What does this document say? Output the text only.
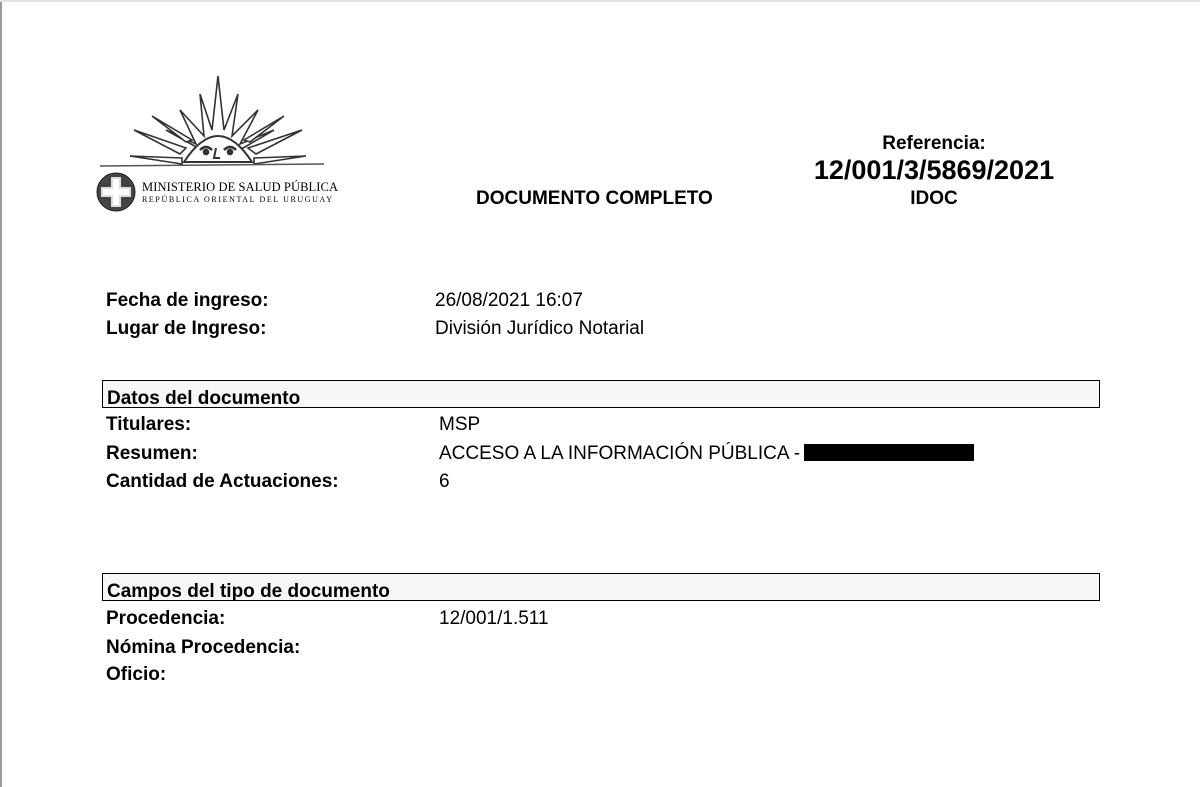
MINISTERIO DE SALUD PÚBLICA
REPÚBLICA ORIENTAL DEL URUGUAY	DOCUMENTO COMPLETO
Referencia:
12/001/3/5869/2021
IDOC
Fecha de ingreso:	26/08/2021 16:07
Lugar de Ingreso:	División Jurídico Notarial
Datos del documento
Titulares:	MSP
Resumen:	ACCESO A LA INFORMACIÓN PÚBLICA -
Cantidad de Actuaciones:	6
Campos del tipo de documento
Procedencia:	12/001/1.511
Nómina Procedencia:
Oficio:
